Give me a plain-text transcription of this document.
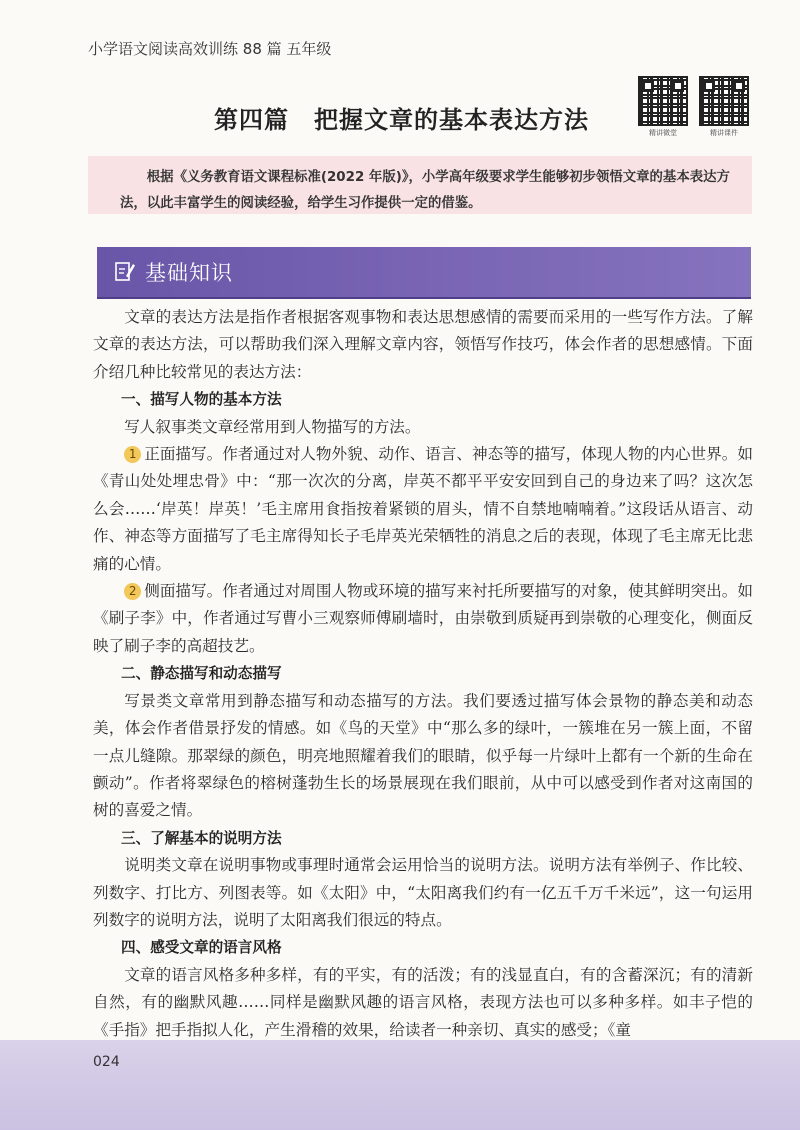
小学语文阅读高效训练 88 篇 五年级
第四篇　把握文章的基本表达方法	精讲微堂	精讲课件

根据《义务教育语文课程标准(2022 年版)》，小学高年级要求学生能够初步领悟文章的基本表达方法，以此丰富学生的阅读经验，给学生习作提供一定的借鉴。

基础知识

文章的表达方法是指作者根据客观事物和表达思想感情的需要而采用的一些写作方法。了解文章的表达方法，可以帮助我们深入理解文章内容，领悟写作技巧，体会作者的思想感情。下面介绍几种比较常见的表达方法：

一、描写人物的基本方法

写人叙事类文章经常用到人物描写的方法。

1 正面描写。作者通过对人物外貌、动作、语言、神态等的描写，体现人物的内心世界。如《青山处处埋忠骨》中：“那一次次的分离，岸英不都平平安安回到自己的身边来了吗？这次怎么会……‘岸英！岸英！’毛主席用食指按着紧锁的眉头，情不自禁地喃喃着。”这段话从语言、动作、神态等方面描写了毛主席得知长子毛岸英光荣牺牲的消息之后的表现，体现了毛主席无比悲痛的心情。

2 侧面描写。作者通过对周围人物或环境的描写来衬托所要描写的对象，使其鲜明突出。如《刷子李》中，作者通过写曹小三观察师傅刷墙时，由崇敬到质疑再到崇敬的心理变化，侧面反映了刷子李的高超技艺。

二、静态描写和动态描写

写景类文章常用到静态描写和动态描写的方法。我们要透过描写体会景物的静态美和动态美，体会作者借景抒发的情感。如《鸟的天堂》中“那么多的绿叶，一簇堆在另一簇上面，不留一点儿缝隙。那翠绿的颜色，明亮地照耀着我们的眼睛，似乎每一片绿叶上都有一个新的生命在颤动”。作者将翠绿色的榕树蓬勃生长的场景展现在我们眼前，从中可以感受到作者对这南国的树的喜爱之情。

三、了解基本的说明方法

说明类文章在说明事物或事理时通常会运用恰当的说明方法。说明方法有举例子、作比较、列数字、打比方、列图表等。如《太阳》中，“太阳离我们约有一亿五千万千米远”，这一句运用列数字的说明方法，说明了太阳离我们很远的特点。

四、感受文章的语言风格

文章的语言风格多种多样，有的平实，有的活泼；有的浅显直白，有的含蓄深沉；有的清新自然，有的幽默风趣……同样是幽默风趣的语言风格，表现方法也可以多种多样。如丰子恺的《手指》把手指拟人化，产生滑稽的效果，给读者一种亲切、真实的感受；《童

024
